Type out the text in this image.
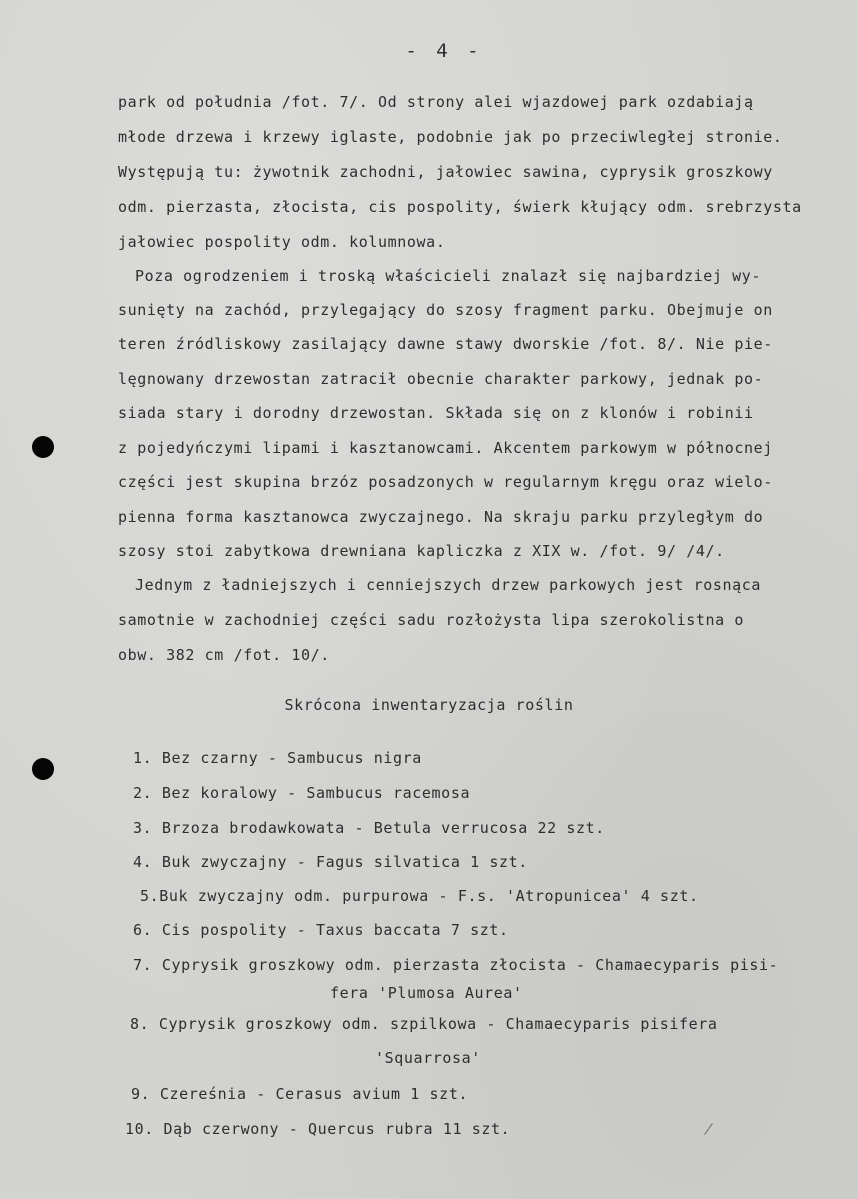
- 4 -
park od południa /fot. 7/. Od strony alei wjazdowej park ozdabiają
młode drzewa i krzewy iglaste, podobnie jak po przeciwległej stronie.
Występują tu: żywotnik zachodni, jałowiec sawina, cyprysik groszkowy
odm. pierzasta, złocista, cis pospolity, świerk kłujący odm. srebrzysta
jałowiec pospolity odm. kolumnowa.
Poza ogrodzeniem i troską właścicieli znalazł się najbardziej wy-
sunięty na zachód, przylegający do szosy fragment parku. Obejmuje on
teren źródliskowy zasilający dawne stawy dworskie /fot. 8/. Nie pie-
lęgnowany drzewostan zatracił obecnie charakter parkowy, jednak po-
siada stary i dorodny drzewostan. Składa się on z klonów i robinii
z pojedyńczymi lipami i kasztanowcami. Akcentem parkowym w północnej
części jest skupina brzóz posadzonych w regularnym kręgu oraz wielo-
pienna forma kasztanowca zwyczajnego. Na skraju parku przyległym do
szosy stoi zabytkowa drewniana kapliczka z XIX w. /fot. 9/ /4/.
Jednym z ładniejszych i cenniejszych drzew parkowych jest rosnąca
samotnie w zachodniej części sadu rozłożysta lipa szerokolistna o
obw. 382 cm /fot. 10/.
Skrócona inwentaryzacja roślin
1. Bez czarny - Sambucus nigra
2. Bez koralowy - Sambucus racemosa
3. Brzoza brodawkowata - Betula verrucosa 22 szt.
4. Buk zwyczajny - Fagus silvatica 1 szt.
5.Buk zwyczajny odm. purpurowa - F.s. 'Atropunicea' 4 szt.
6. Cis pospolity - Taxus baccata 7 szt.
7. Cyprysik groszkowy odm. pierzasta złocista - Chamaecyparis pisi-
fera 'Plumosa Aurea'
8. Cyprysik groszkowy odm. szpilkowa - Chamaecyparis pisifera
'Squarrosa'
9. Czereśnia - Cerasus avium 1 szt.
10. Dąb czerwony - Quercus rubra 11 szt.
